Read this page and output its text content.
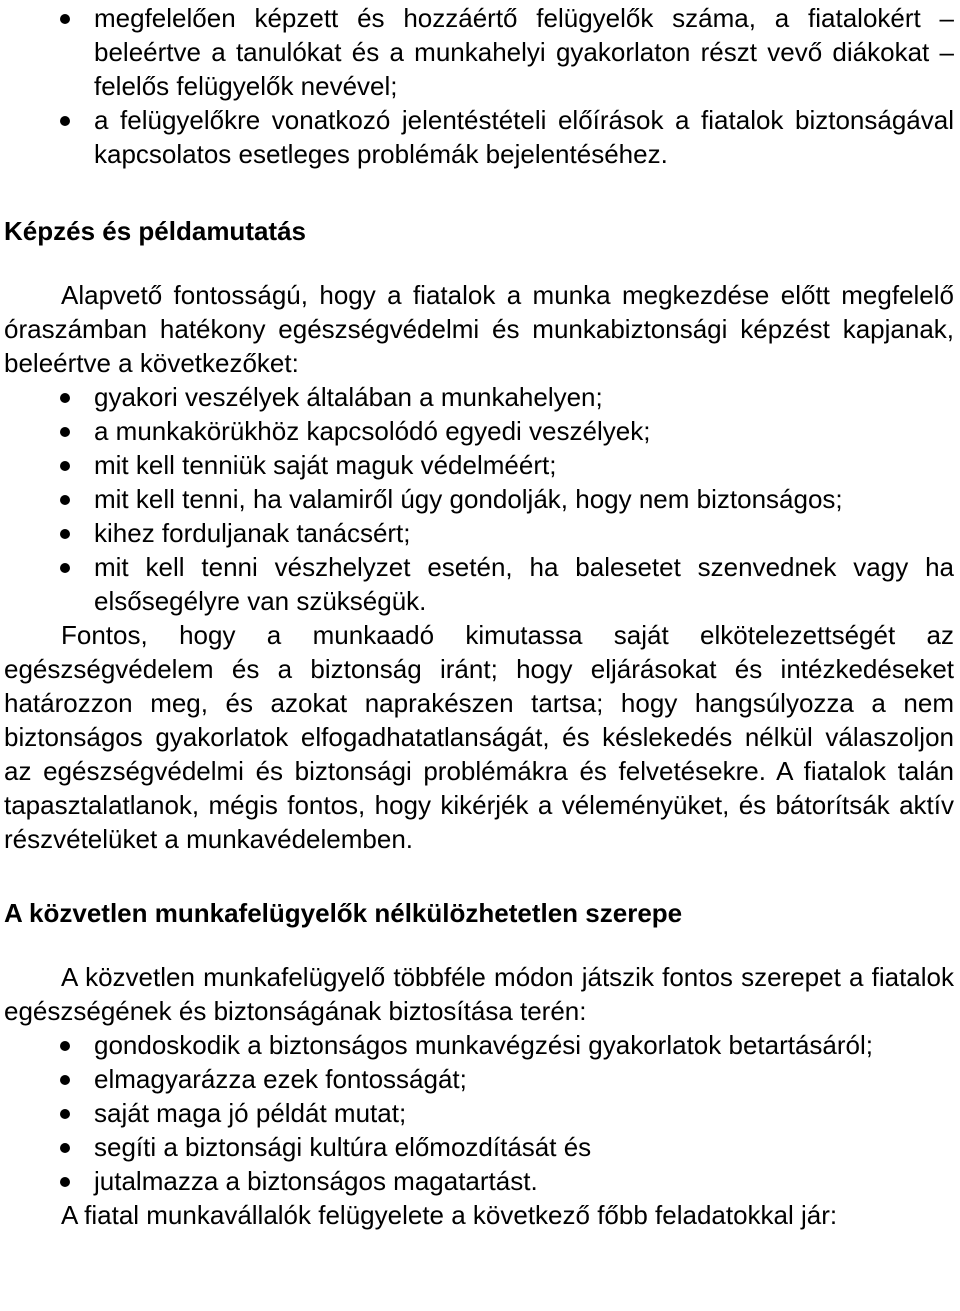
megfelelően képzett és hozzáértő felügyelők száma, a fiatalokért – beleértve a tanulókat és a munkahelyi gyakorlaton részt vevő diákokat – felelős felügyelők nevével;
a felügyelőkre vonatkozó jelentéstételi előírások a fiatalok biztonságával kapcsolatos esetleges problémák bejelentéséhez.
Képzés és példamutatás

Alapvető fontosságú, hogy a fiatalok a munka megkezdése előtt megfelelő óraszámban hatékony egészségvédelmi és munkabiztonsági képzést kapjanak, beleértve a következőket:

gyakori veszélyek általában a munkahelyen;
a munkakörükhöz kapcsolódó egyedi veszélyek;
mit kell tenniük saját maguk védelméért;
mit kell tenni, ha valamiről úgy gondolják, hogy nem biztonságos;
kihez forduljanak tanácsért;
mit kell tenni vészhelyzet esetén, ha balesetet szenvednek vagy ha elsősegélyre van szükségük.

Fontos, hogy a munkaadó kimutassa saját elkötelezettségét az egészségvédelem és a biztonság iránt; hogy eljárásokat és intézkedéseket határozzon meg, és azokat naprakészen tartsa; hogy hangsúlyozza a nem biztonságos gyakorlatok elfogadhatatlanságát, és késlekedés nélkül válaszoljon az egészségvédelmi és biztonsági problémákra és felvetésekre. A fiatalok talán tapasztalatlanok, mégis fontos, hogy kikérjék a véleményüket, és bátorítsák aktív részvételüket a munkavédelemben.

A közvetlen munkafelügyelők nélkülözhetetlen szerepe

A közvetlen munkafelügyelő többféle módon játszik fontos szerepet a fiatalok egészségének és biztonságának biztosítása terén:

gondoskodik a biztonságos munkavégzési gyakorlatok betartásáról;
elmagyarázza ezek fontosságát;
saját maga jó példát mutat;
segíti a biztonsági kultúra előmozdítását és
jutalmazza a biztonságos magatartást.

A fiatal munkavállalók felügyelete a következő főbb feladatokkal jár:
